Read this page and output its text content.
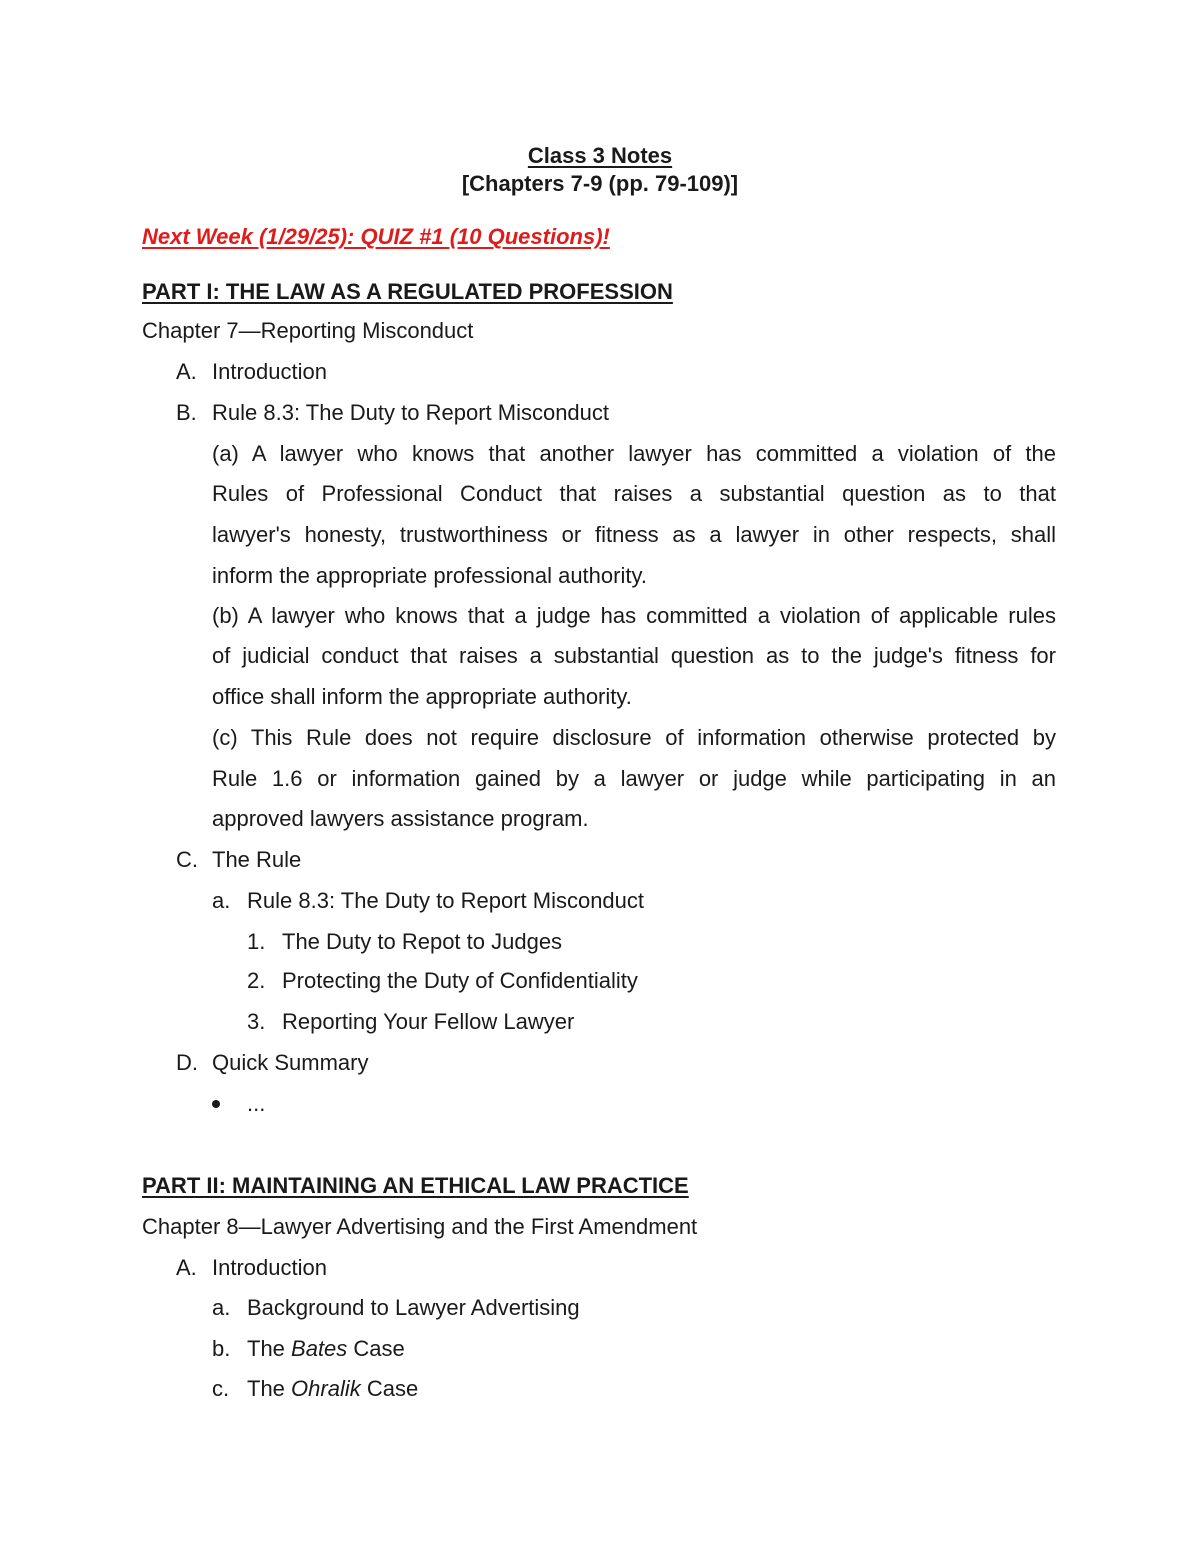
Class 3 Notes
[Chapters 7-9 (pp. 79-109)]
Next Week (1/29/25): QUIZ #1 (10 Questions)!
PART I: THE LAW AS A REGULATED PROFESSION
Chapter 7—Reporting Misconduct
A. Introduction
B. Rule 8.3: The Duty to Report Misconduct
(a) A lawyer who knows that another lawyer has committed a violation of the
Rules of Professional Conduct that raises a substantial question as to that
lawyer's honesty, trustworthiness or fitness as a lawyer in other respects, shall
inform the appropriate professional authority.
(b) A lawyer who knows that a judge has committed a violation of applicable rules
of judicial conduct that raises a substantial question as to the judge's fitness for
office shall inform the appropriate authority.
(c) This Rule does not require disclosure of information otherwise protected by
Rule 1.6 or information gained by a lawyer or judge while participating in an
approved lawyers assistance program.
C. The Rule
a. Rule 8.3: The Duty to Report Misconduct
1. The Duty to Repot to Judges
2. Protecting the Duty of Confidentiality
3. Reporting Your Fellow Lawyer
D. Quick Summary
...
PART II: MAINTAINING AN ETHICAL LAW PRACTICE
Chapter 8—Lawyer Advertising and the First Amendment
A. Introduction
a. Background to Lawyer Advertising
b. The Bates Case
c. The Ohralik Case
